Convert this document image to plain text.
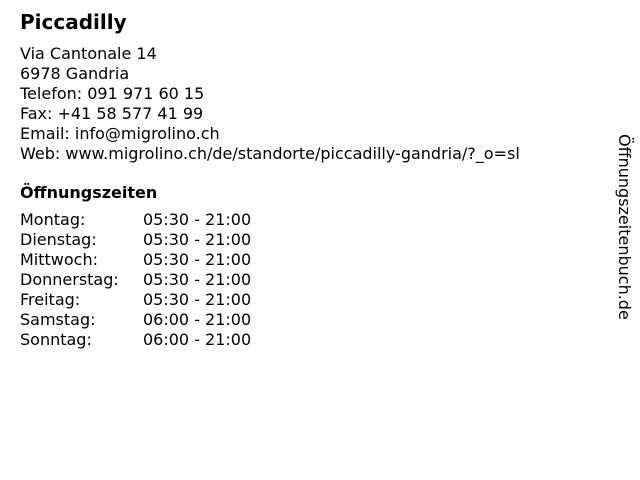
Piccadilly
Via Cantonale 14
6978 Gandria
Telefon: 091 971 60 15
Fax: +41 58 577 41 99
Email: info@migrolino.ch
Web: www.migrolino.ch/de/standorte/piccadilly-gandria/?_o=sl
Öffnungszeiten
Montag:	05:30 - 21:00
Dienstag:	05:30 - 21:00
Mittwoch:	05:30 - 21:00
Donnerstag: 05:30 - 21:00
Freitag:	05:30 - 21:00
Samstag:	06:00 - 21:00
Sonntag:	06:00 - 21:00
Öffnungszeitenbuch.de
